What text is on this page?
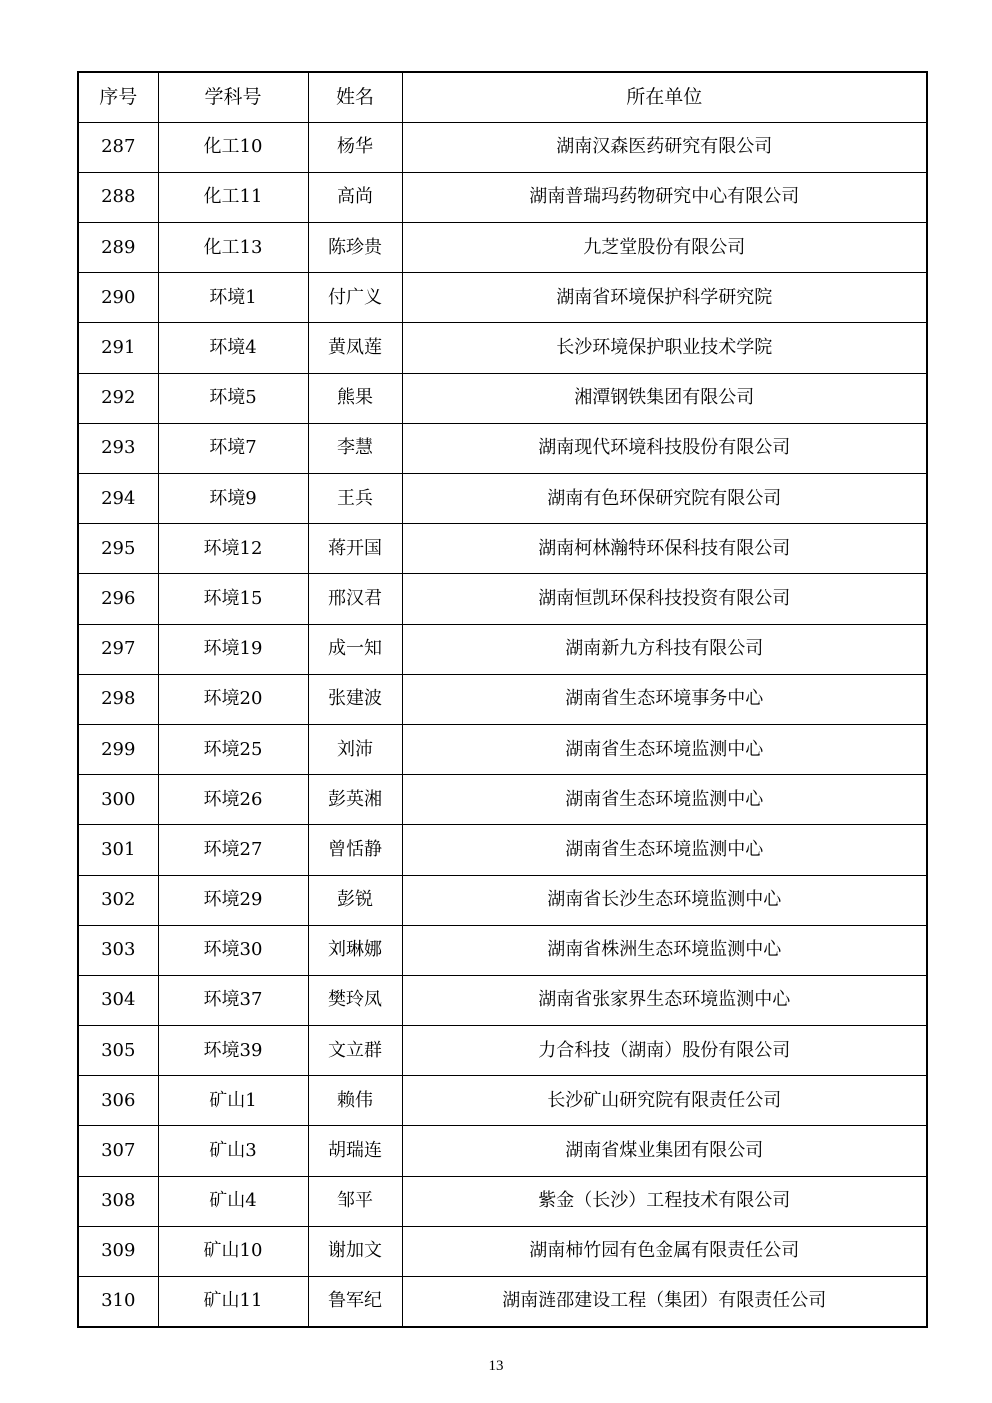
序号	学科号	姓名	所在单位
287	化工10	杨华	湖南汉森医药研究有限公司
288	化工11	高尚	湖南普瑞玛药物研究中心有限公司
289	化工13	陈珍贵	九芝堂股份有限公司
290	环境1	付广义	湖南省环境保护科学研究院
291	环境4	黄凤莲	长沙环境保护职业技术学院
292	环境5	熊果	湘潭钢铁集团有限公司
293	环境7	李慧	湖南现代环境科技股份有限公司
294	环境9	王兵	湖南有色环保研究院有限公司
295	环境12	蒋开国	湖南柯林瀚特环保科技有限公司
296	环境15	邢汉君	湖南恒凯环保科技投资有限公司
297	环境19	成一知	湖南新九方科技有限公司
298	环境20	张建波	湖南省生态环境事务中心
299	环境25	刘沛	湖南省生态环境监测中心
300	环境26	彭英湘	湖南省生态环境监测中心
301	环境27	曾恬静	湖南省生态环境监测中心
302	环境29	彭锐	湖南省长沙生态环境监测中心
303	环境30	刘琳娜	湖南省株洲生态环境监测中心
304	环境37	樊玲凤	湖南省张家界生态环境监测中心
305	环境39	文立群	力合科技（湖南）股份有限公司
306	矿山1	赖伟	长沙矿山研究院有限责任公司
307	矿山3	胡瑞连	湖南省煤业集团有限公司
308	矿山4	邹平	紫金（长沙）工程技术有限公司
309	矿山10	谢加文	湖南柿竹园有色金属有限责任公司
310	矿山11	鲁军纪	湖南涟邵建设工程（集团）有限责任公司
13
